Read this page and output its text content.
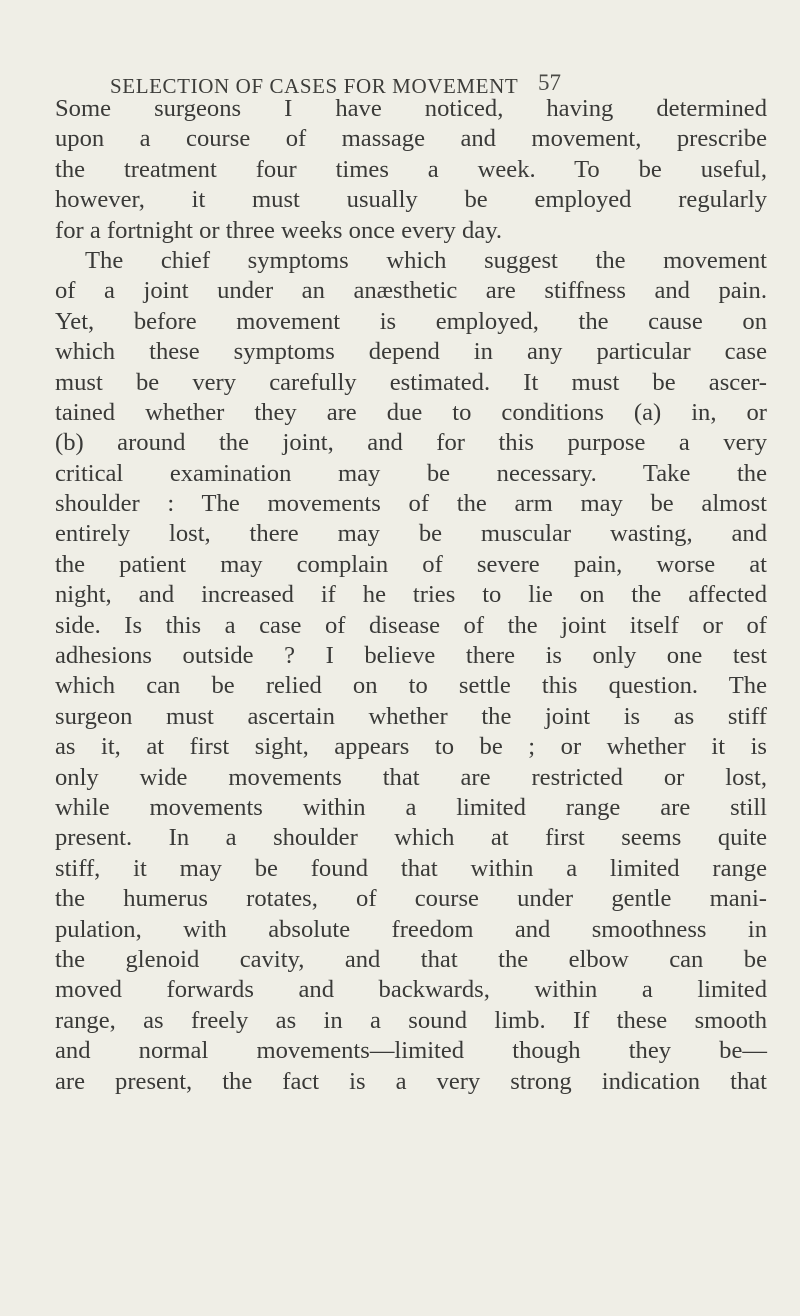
SELECTION OF CASES FOR MOVEMENT 57
Some surgeons I have noticed, having determined
upon a course of massage and movement, prescribe
the treatment four times a week. To be useful,
however, it must usually be employed regularly
for a fortnight or three weeks once every day.
The chief symptoms which suggest the movement
of a joint under an anæsthetic are stiffness and pain.
Yet, before movement is employed, the cause on
which these symptoms depend in any particular case
must be very carefully estimated. It must be ascer-
tained whether they are due to conditions (a) in, or
(b) around the joint, and for this purpose a very
critical examination may be necessary. Take the
shoulder : The movements of the arm may be almost
entirely lost, there may be muscular wasting, and
the patient may complain of severe pain, worse at
night, and increased if he tries to lie on the affected
side. Is this a case of disease of the joint itself or of
adhesions outside ? I believe there is only one test
which can be relied on to settle this question. The
surgeon must ascertain whether the joint is as stiff
as it, at first sight, appears to be ; or whether it is
only wide movements that are restricted or lost,
while movements within a limited range are still
present. In a shoulder which at first seems quite
stiff, it may be found that within a limited range
the humerus rotates, of course under gentle mani-
pulation, with absolute freedom and smoothness in
the glenoid cavity, and that the elbow can be
moved forwards and backwards, within a limited
range, as freely as in a sound limb. If these smooth
and normal movements—limited though they be—
are present, the fact is a very strong indication that
